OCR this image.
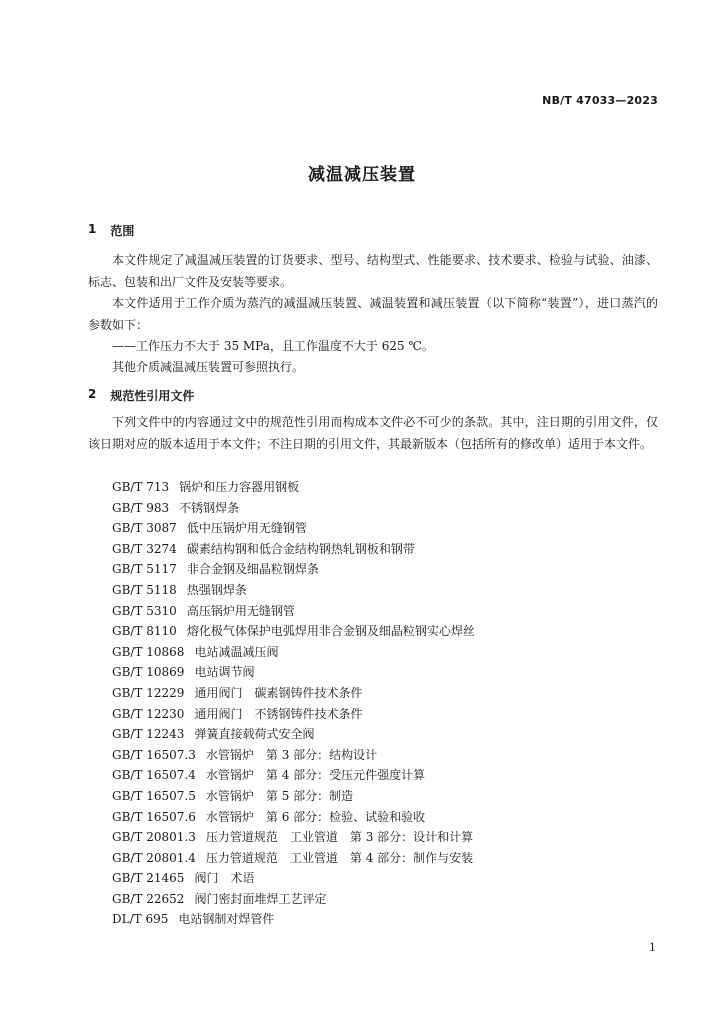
NB/T 47033—2023
减温减压装置
1 范围

本文件规定了减温减压装置的订货要求、型号、结构型式、性能要求、技术要求、检验与试验、油漆、标志、包装和出厂文件及安装等要求。

本文件适用于工作介质为蒸汽的减温减压装置、减温装置和减压装置（以下简称“装置”），进口蒸汽的参数如下：

——工作压力不大于 35 MPa，且工作温度不大于 625 ℃。

其他介质减温减压装置可参照执行。

2 规范性引用文件

下列文件中的内容通过文中的规范性引用而构成本文件必不可少的条款。其中，注日期的引用文件，仅该日期对应的版本适用于本文件；不注日期的引用文件，其最新版本（包括所有的修改单）适用于本文件。

GB/T 713 锅炉和压力容器用钢板
GB/T 983 不锈钢焊条
GB/T 3087 低中压锅炉用无缝钢管
GB/T 3274 碳素结构钢和低合金结构钢热轧钢板和钢带
GB/T 5117 非合金钢及细晶粒钢焊条
GB/T 5118 热强钢焊条
GB/T 5310 高压锅炉用无缝钢管
GB/T 8110 熔化极气体保护电弧焊用非合金钢及细晶粒钢实心焊丝
GB/T 10868 电站减温减压阀
GB/T 10869 电站调节阀
GB/T 12229 通用阀门　碳素钢铸件技术条件
GB/T 12230 通用阀门　不锈钢铸件技术条件
GB/T 12243 弹簧直接载荷式安全阀
GB/T 16507.3 水管锅炉　第 3 部分：结构设计
GB/T 16507.4 水管锅炉　第 4 部分：受压元件强度计算
GB/T 16507.5 水管锅炉　第 5 部分：制造
GB/T 16507.6 水管锅炉　第 6 部分：检验、试验和验收
GB/T 20801.3 压力管道规范　工业管道　第 3 部分：设计和计算
GB/T 20801.4 压力管道规范　工业管道　第 4 部分：制作与安装
GB/T 21465 阀门　术语
GB/T 22652 阀门密封面堆焊工艺评定
DL/T 695 电站钢制对焊管件
1
